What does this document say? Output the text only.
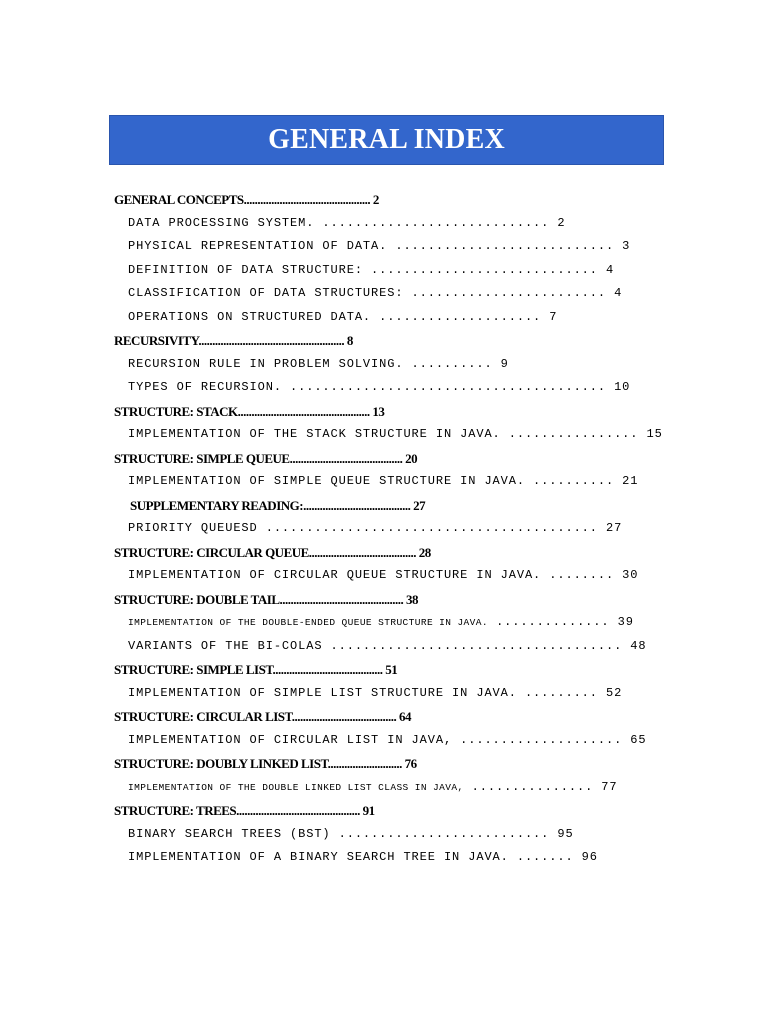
GENERAL INDEX
GENERAL CONCEPTS.............................................. 2
DATA PROCESSING SYSTEM. ............................ 2
PHYSICAL REPRESENTATION OF DATA. ........................... 3
DEFINITION OF DATA STRUCTURE: ............................ 4
CLASSIFICATION OF DATA STRUCTURES: ........................ 4
OPERATIONS ON STRUCTURED DATA. .................... 7
RECURSIVITY..................................................... 8
RECURSION RULE IN PROBLEM SOLVING. .......... 9
TYPES OF RECURSION. ....................................... 10
STRUCTURE: STACK................................................ 13
IMPLEMENTATION OF THE STACK STRUCTURE IN JAVA. ................ 15
STRUCTURE: SIMPLE QUEUE......................................... 20
IMPLEMENTATION OF SIMPLE QUEUE STRUCTURE IN JAVA. .......... 21
SUPPLEMENTARY READING:....................................... 27
PRIORITY QUEUESD ......................................... 27
STRUCTURE: CIRCULAR QUEUE....................................... 28
IMPLEMENTATION OF CIRCULAR QUEUE STRUCTURE IN JAVA. ........ 30
STRUCTURE: DOUBLE TAIL............................................. 38
IMPLEMENTATION OF THE DOUBLE-ENDED QUEUE STRUCTURE IN JAVA. .............. 39
VARIANTS OF THE BI-COLAS .................................... 48
STRUCTURE: SIMPLE LIST........................................ 51
IMPLEMENTATION OF SIMPLE LIST STRUCTURE IN JAVA. ......... 52
STRUCTURE: CIRCULAR LIST...................................... 64
IMPLEMENTATION OF CIRCULAR LIST IN JAVA, .................... 65
STRUCTURE: DOUBLY LINKED LIST........................... 76
IMPLEMENTATION OF THE DOUBLE LINKED LIST CLASS IN JAVA, ............... 77
STRUCTURE: TREES............................................. 91
BINARY SEARCH TREES (BST) .......................... 95
IMPLEMENTATION OF A BINARY SEARCH TREE IN JAVA. ....... 96
